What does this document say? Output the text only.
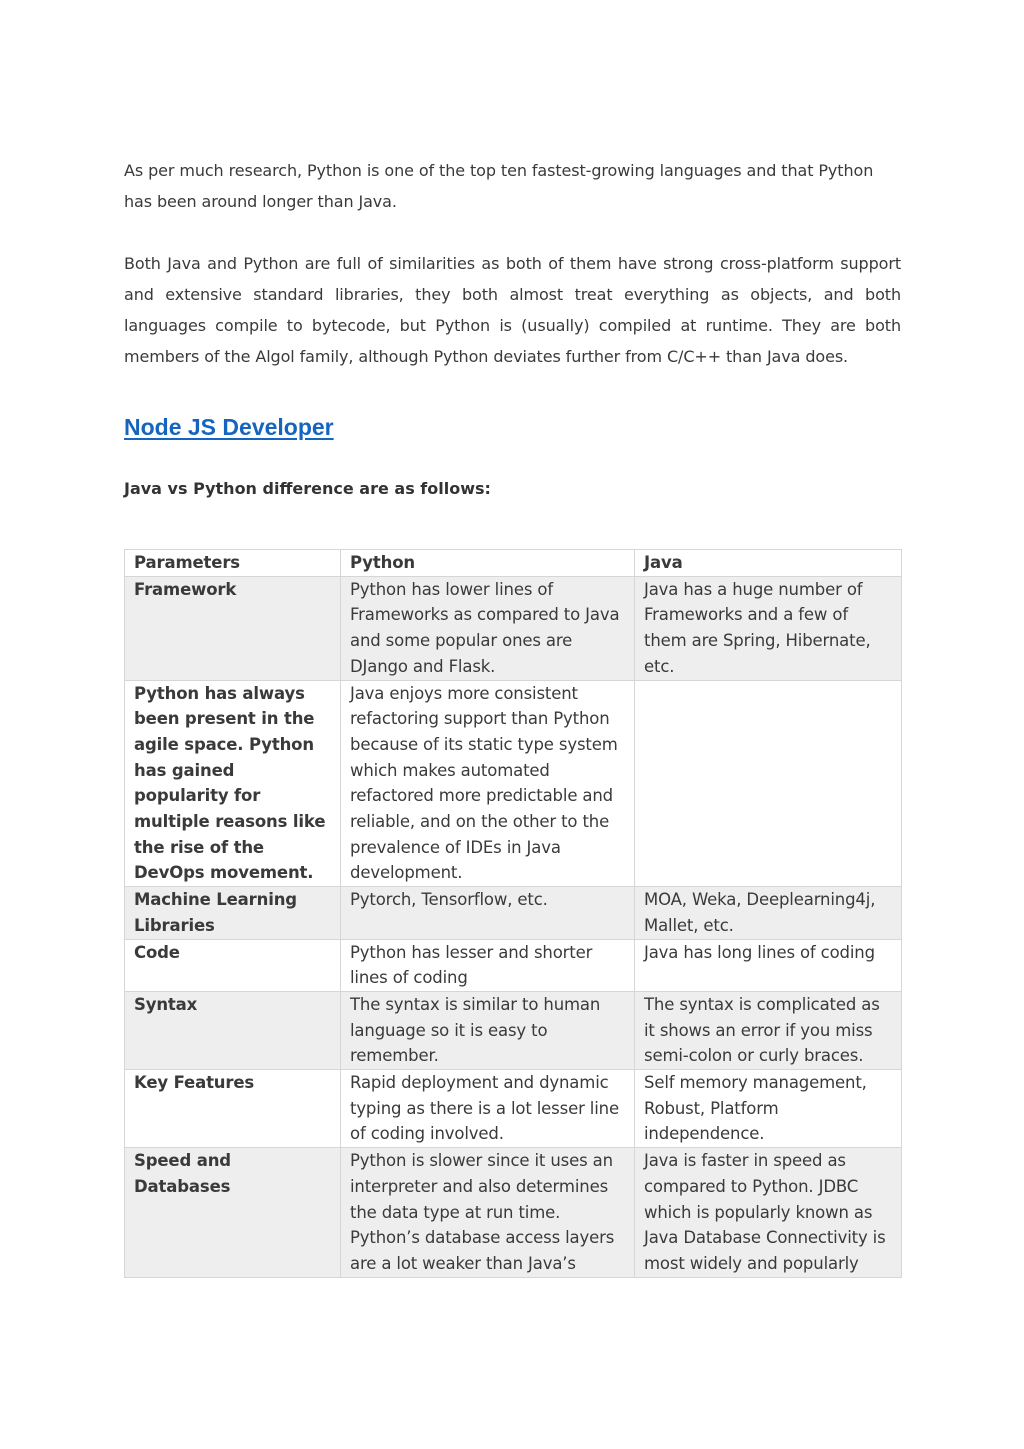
As per much research, Python is one of the top ten fastest-growing languages and that Python has been around longer than Java.

Both Java and Python are full of similarities as both of them have strong cross-platform support and extensive standard libraries, they both almost treat everything as objects, and both languages compile to bytecode, but Python is (usually) compiled at runtime. They are both members of the Algol family, although Python deviates further from C/C++ than Java does.

Node JS Developer
Java vs Python difference are as follows:
Parameters	Python	Java
Framework	Python has lower lines of Frameworks as compared to Java and some popular ones are DJango and Flask.	Java has a huge number of Frameworks and a few of them are Spring, Hibernate, etc.
Python has always been present in the agile space. Python has gained popularity for multiple reasons like the rise of the DevOps movement.	Java enjoys more consistent refactoring support than Python because of its static type system which makes automated refactored more predictable and reliable, and on the other to the prevalence of IDEs in Java development.	
Machine Learning Libraries	Pytorch, Tensorflow, etc.	MOA, Weka, Deeplearning4j, Mallet, etc.
Code	Python has lesser and shorter lines of coding	Java has long lines of coding
Syntax	The syntax is similar to human language so it is easy to remember.	The syntax is complicated as it shows an error if you miss semi-colon or curly braces.
Key Features	Rapid deployment and dynamic typing as there is a lot lesser line of coding involved.	Self memory management, Robust, Platform independence.
Speed and Databases	Python is slower since it uses an interpreter and also determines the data type at run time. Python’s database access layers are a lot weaker than Java’s	Java is faster in speed as compared to Python. JDBC which is popularly known as Java Database Connectivity is most widely and popularly
